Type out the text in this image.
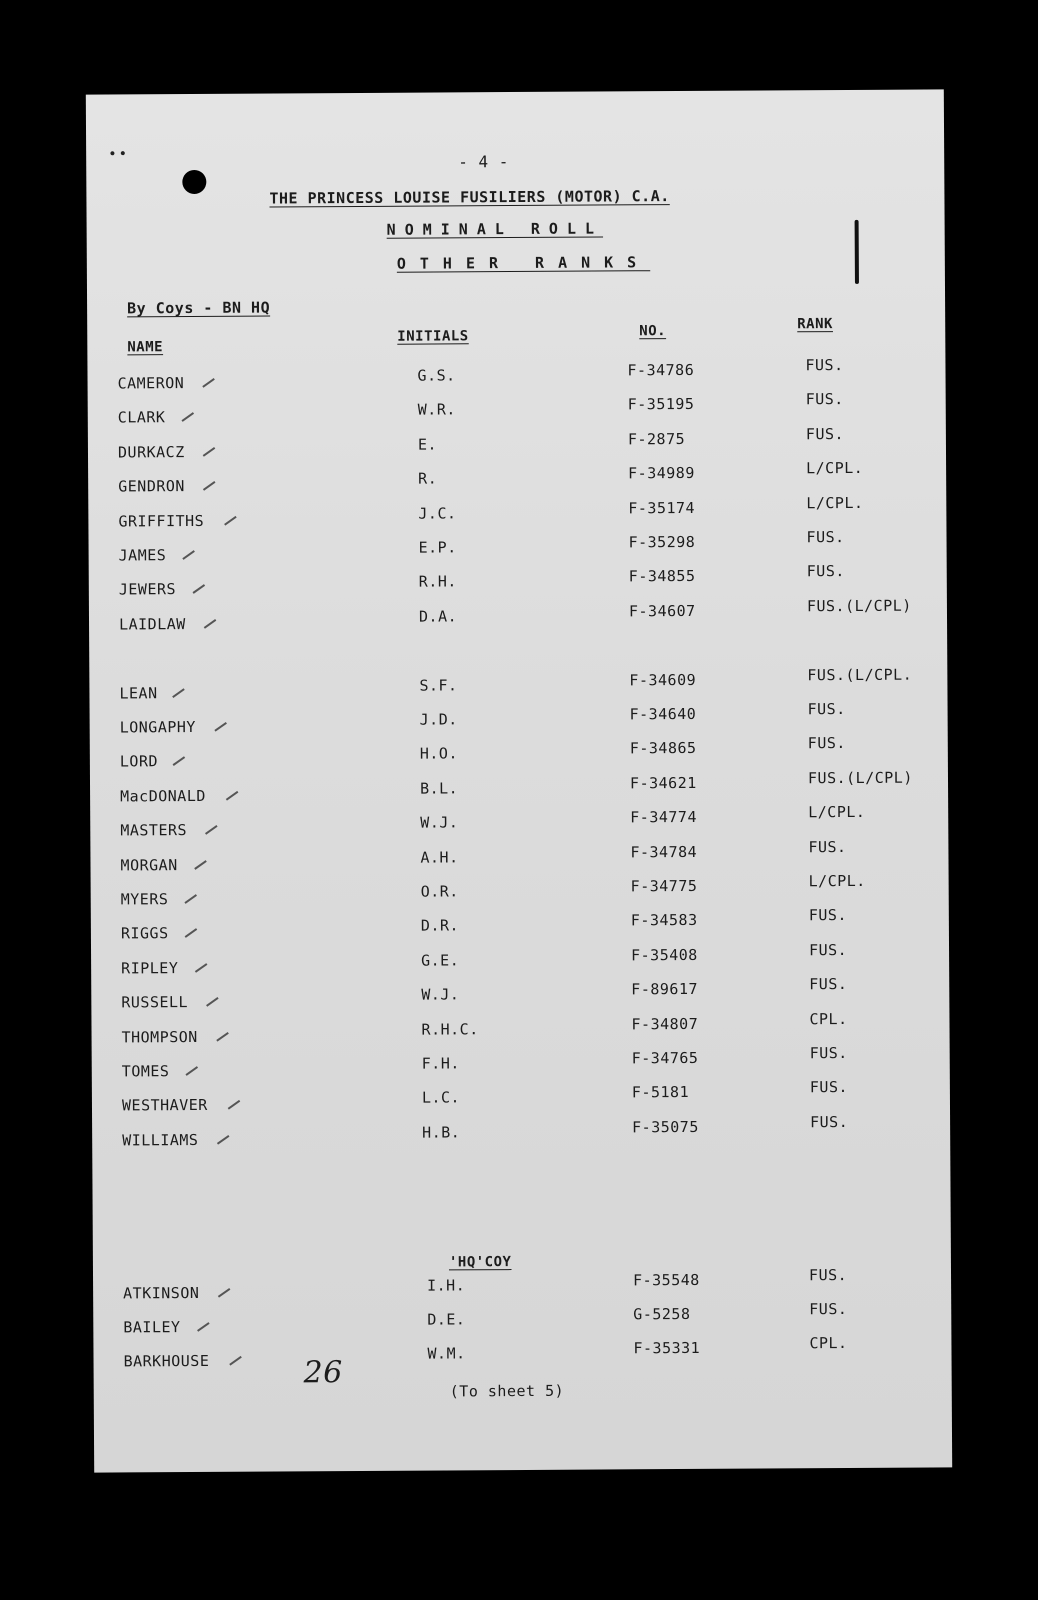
••	- 4 -
THE PRINCESS LOUISE FUSILIERS (MOTOR) C.A.
NOMINAL ROLL
OTHER RANKS
By Coys - BN HQ
NAME
INITIALS	NO.	RANK
CAMERON	G.S.	F-34786	FUS.
CLARK	W.R.	F-35195	FUS.
DURKACZ	E.	F-2875	FUS.
GENDRON	R.	F-34989	L/CPL.
GRIFFITHS	J.C.	F-35174	L/CPL.
JAMES	E.P.	F-35298	FUS.
JEWERS	R.H.	F-34855	FUS.
LAIDLAW	D.A.	F-34607	FUS.(L/CPL)
LEAN	S.F.	F-34609	FUS.(L/CPL.
LONGAPHY	J.D.	F-34640	FUS.
LORD	H.O.	F-34865	FUS.
MacDONALD	B.L.	F-34621	FUS.(L/CPL)
MASTERS	W.J.	F-34774	L/CPL.
MORGAN	A.H.	F-34784	FUS.
MYERS	O.R.	F-34775	L/CPL.
RIGGS	D.R.	F-34583	FUS.
RIPLEY	G.E.	F-35408	FUS.
RUSSELL	W.J.	F-89617	FUS.
THOMPSON	R.H.C.	F-34807	CPL.
TOMES	F.H.	F-34765	FUS.
WESTHAVER	L.C.	F-5181	FUS.
WILLIAMS	H.B.	F-35075	FUS.
'HQ'COY
ATKINSON	I.H.	F-35548	FUS.
BAILEY	D.E.	G-5258	FUS.
BARKHOUSE	W.M.	F-35331	CPL.
26
(To sheet 5)
